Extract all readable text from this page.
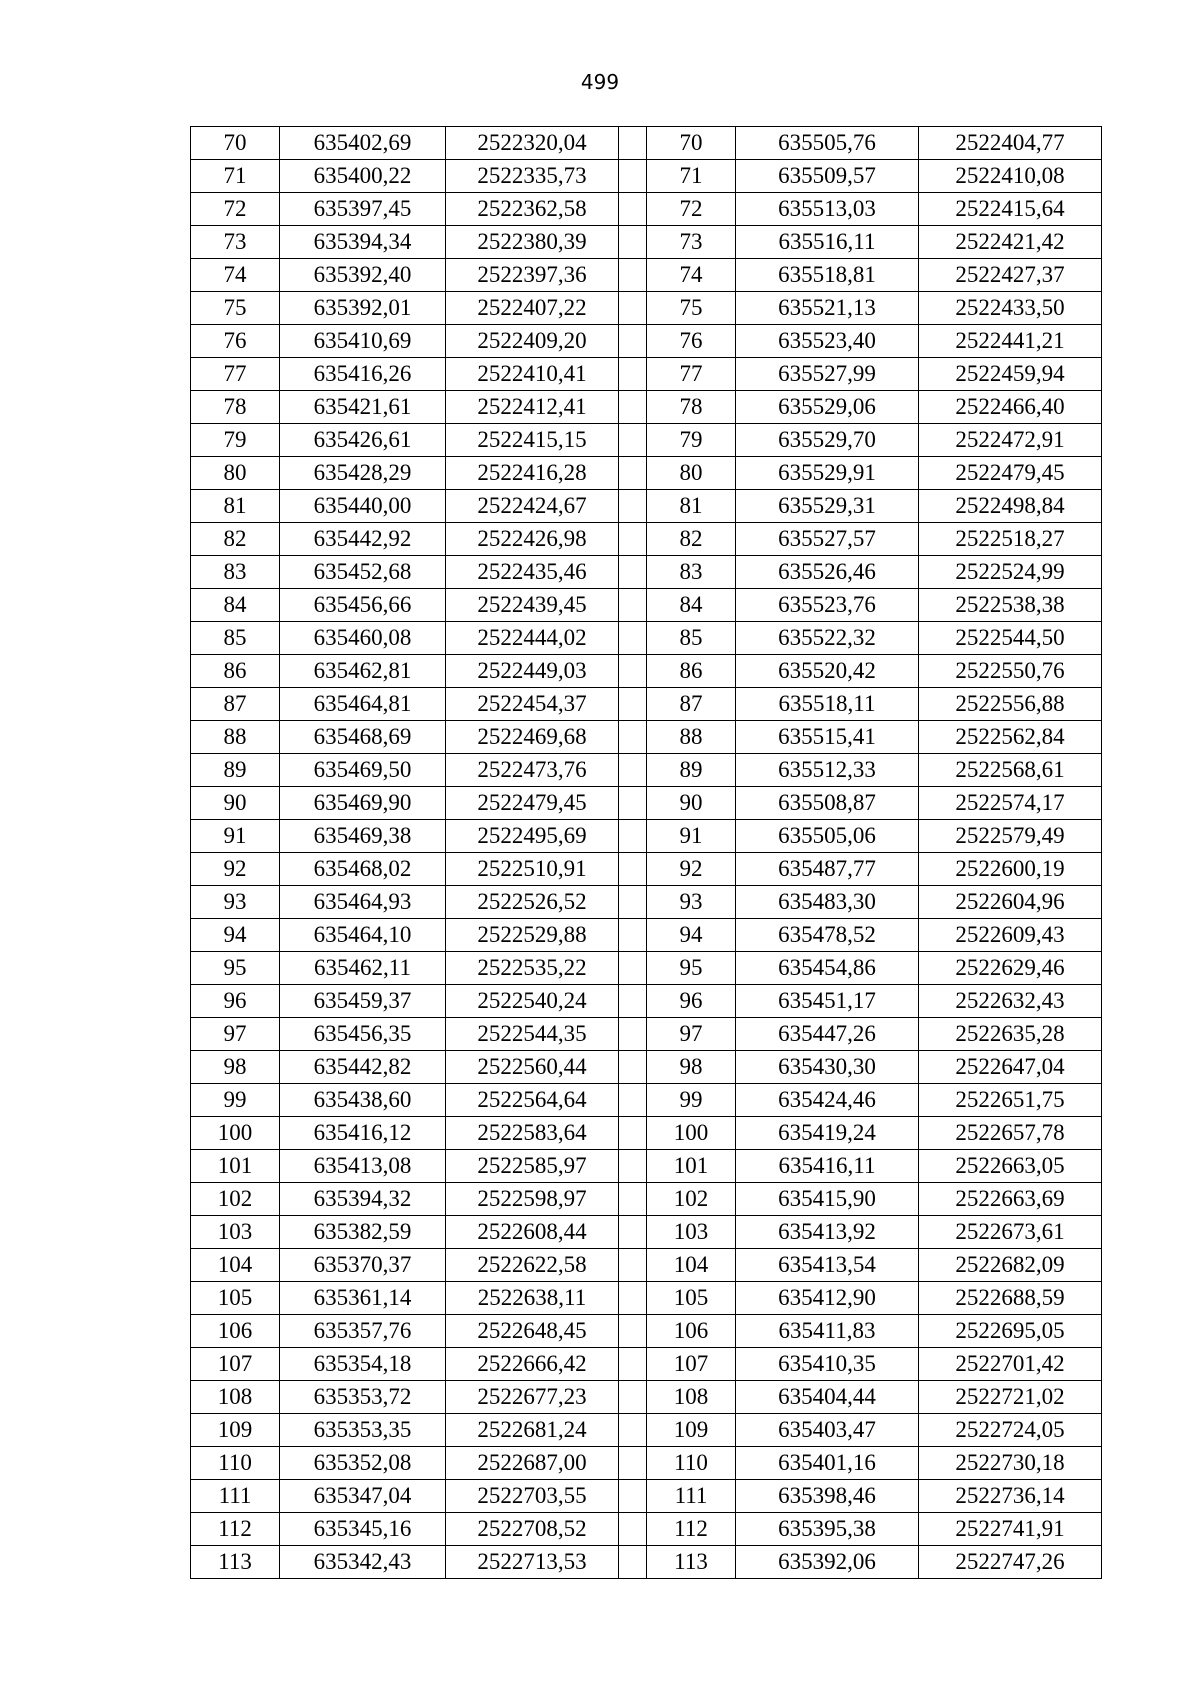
499
70	635402,69	2522320,04		70	635505,76	2522404,77
71	635400,22	2522335,73		71	635509,57	2522410,08
72	635397,45	2522362,58		72	635513,03	2522415,64
73	635394,34	2522380,39		73	635516,11	2522421,42
74	635392,40	2522397,36		74	635518,81	2522427,37
75	635392,01	2522407,22		75	635521,13	2522433,50
76	635410,69	2522409,20		76	635523,40	2522441,21
77	635416,26	2522410,41		77	635527,99	2522459,94
78	635421,61	2522412,41		78	635529,06	2522466,40
79	635426,61	2522415,15		79	635529,70	2522472,91
80	635428,29	2522416,28		80	635529,91	2522479,45
81	635440,00	2522424,67		81	635529,31	2522498,84
82	635442,92	2522426,98		82	635527,57	2522518,27
83	635452,68	2522435,46		83	635526,46	2522524,99
84	635456,66	2522439,45		84	635523,76	2522538,38
85	635460,08	2522444,02		85	635522,32	2522544,50
86	635462,81	2522449,03		86	635520,42	2522550,76
87	635464,81	2522454,37		87	635518,11	2522556,88
88	635468,69	2522469,68		88	635515,41	2522562,84
89	635469,50	2522473,76		89	635512,33	2522568,61
90	635469,90	2522479,45		90	635508,87	2522574,17
91	635469,38	2522495,69		91	635505,06	2522579,49
92	635468,02	2522510,91		92	635487,77	2522600,19
93	635464,93	2522526,52		93	635483,30	2522604,96
94	635464,10	2522529,88		94	635478,52	2522609,43
95	635462,11	2522535,22		95	635454,86	2522629,46
96	635459,37	2522540,24		96	635451,17	2522632,43
97	635456,35	2522544,35		97	635447,26	2522635,28
98	635442,82	2522560,44		98	635430,30	2522647,04
99	635438,60	2522564,64		99	635424,46	2522651,75
100	635416,12	2522583,64		100	635419,24	2522657,78
101	635413,08	2522585,97		101	635416,11	2522663,05
102	635394,32	2522598,97		102	635415,90	2522663,69
103	635382,59	2522608,44		103	635413,92	2522673,61
104	635370,37	2522622,58		104	635413,54	2522682,09
105	635361,14	2522638,11		105	635412,90	2522688,59
106	635357,76	2522648,45		106	635411,83	2522695,05
107	635354,18	2522666,42		107	635410,35	2522701,42
108	635353,72	2522677,23		108	635404,44	2522721,02
109	635353,35	2522681,24		109	635403,47	2522724,05
110	635352,08	2522687,00		110	635401,16	2522730,18
111	635347,04	2522703,55		111	635398,46	2522736,14
112	635345,16	2522708,52		112	635395,38	2522741,91
113	635342,43	2522713,53		113	635392,06	2522747,26
